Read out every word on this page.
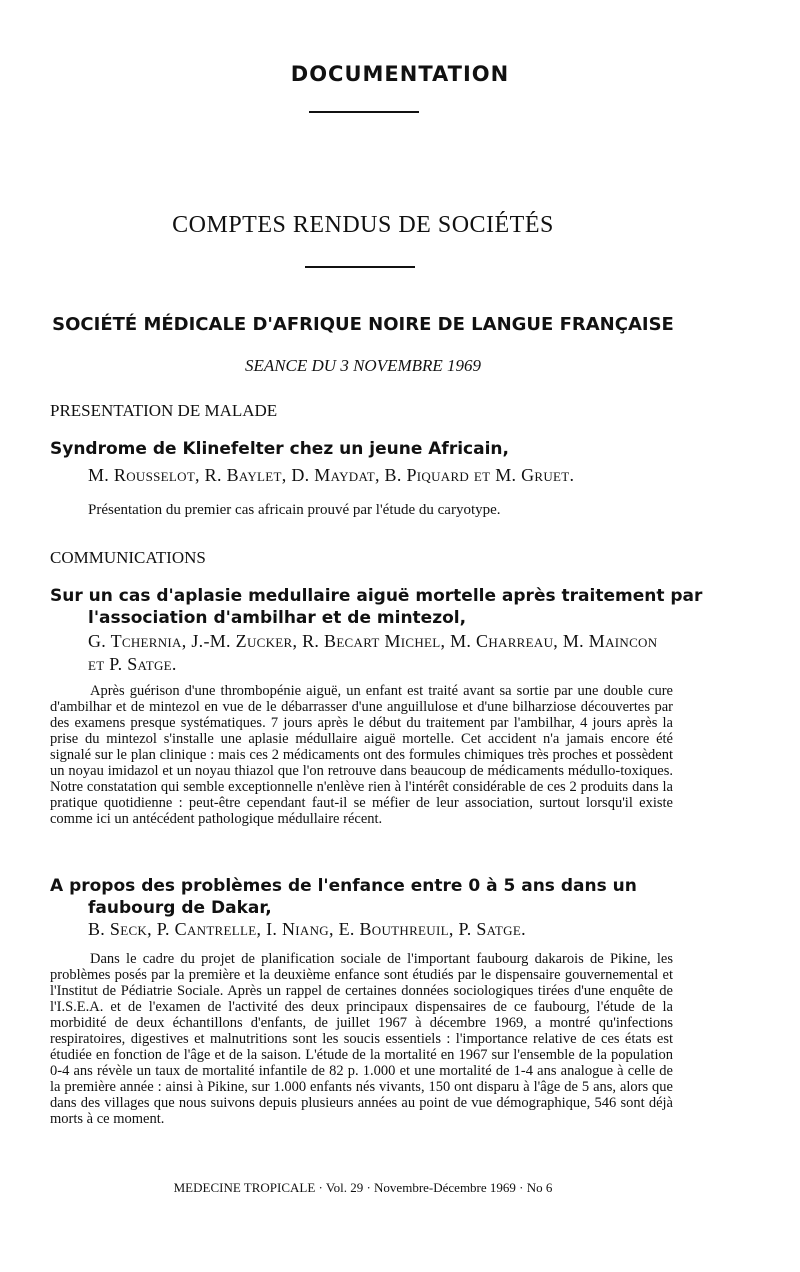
DOCUMENTATION
COMPTES RENDUS DE SOCIÉTÉS
SOCIÉTÉ MÉDICALE D'AFRIQUE NOIRE DE LANGUE FRANÇAISE
SEANCE DU 3 NOVEMBRE 1969
PRESENTATION DE MALADE
Syndrome de Klinefelter chez un jeune Africain,
M. Rousselot, R. Baylet, D. Maydat, B. Piquard et M. Gruet.
Présentation du premier cas africain prouvé par l'étude du caryotype.
COMMUNICATIONS
Sur un cas d'aplasie medullaire aiguë mortelle après traitement par l'association d'ambilhar et de mintezol,
G. Tchernia, J.-M. Zucker, R. Becart Michel, M. Charreau, M. Maincon et P. Satge.
Après guérison d'une thrombopénie aiguë, un enfant est traité avant sa sortie par une double cure d'ambilhar et de mintezol en vue de le débarrasser d'une anguillulose et d'une bilharziose découvertes par des examens presque systématiques. 7 jours après le début du traitement par l'ambilhar, 4 jours après la prise du mintezol s'installe une aplasie médullaire aiguë mortelle. Cet accident n'a jamais encore été signalé sur le plan clinique : mais ces 2 médicaments ont des formules chimiques très proches et possèdent un noyau imidazol et un noyau thiazol que l'on retrouve dans beaucoup de médicaments médullo-toxiques. Notre constatation qui semble exceptionnelle n'enlève rien à l'intérêt considérable de ces 2 produits dans la pratique quotidienne : peut-être cependant faut-il se méfier de leur association, surtout lorsqu'il existe comme ici un antécédent pathologique médullaire récent.
A propos des problèmes de l'enfance entre 0 à 5 ans dans un faubourg de Dakar,
B. Seck, P. Cantrelle, I. Niang, E. Bouthreuil, P. Satge.
Dans le cadre du projet de planification sociale de l'important faubourg dakarois de Pikine, les problèmes posés par la première et la deuxième enfance sont étudiés par le dispensaire gouvernemental et l'Institut de Pédiatrie Sociale. Après un rappel de certaines données sociologiques tirées d'une enquête de l'I.S.E.A. et de l'examen de l'activité des deux principaux dispensaires de ce faubourg, l'étude de la morbidité de deux échantillons d'enfants, de juillet 1967 à décembre 1969, a montré qu'infections respiratoires, digestives et malnutritions sont les soucis essentiels : l'importance relative de ces états est étudiée en fonction de l'âge et de la saison. L'étude de la mortalité en 1967 sur l'ensemble de la population 0-4 ans révèle un taux de mortalité infantile de 82 p. 1.000 et une mortalité de 1-4 ans analogue à celle de la première année : ainsi à Pikine, sur 1.000 enfants nés vivants, 150 ont disparu à l'âge de 5 ans, alors que dans des villages que nous suivons depuis plusieurs années au point de vue démographique, 546 sont déjà morts à ce moment.
MEDECINE TROPICALE · Vol. 29 · Novembre-Décembre 1969 · No 6
